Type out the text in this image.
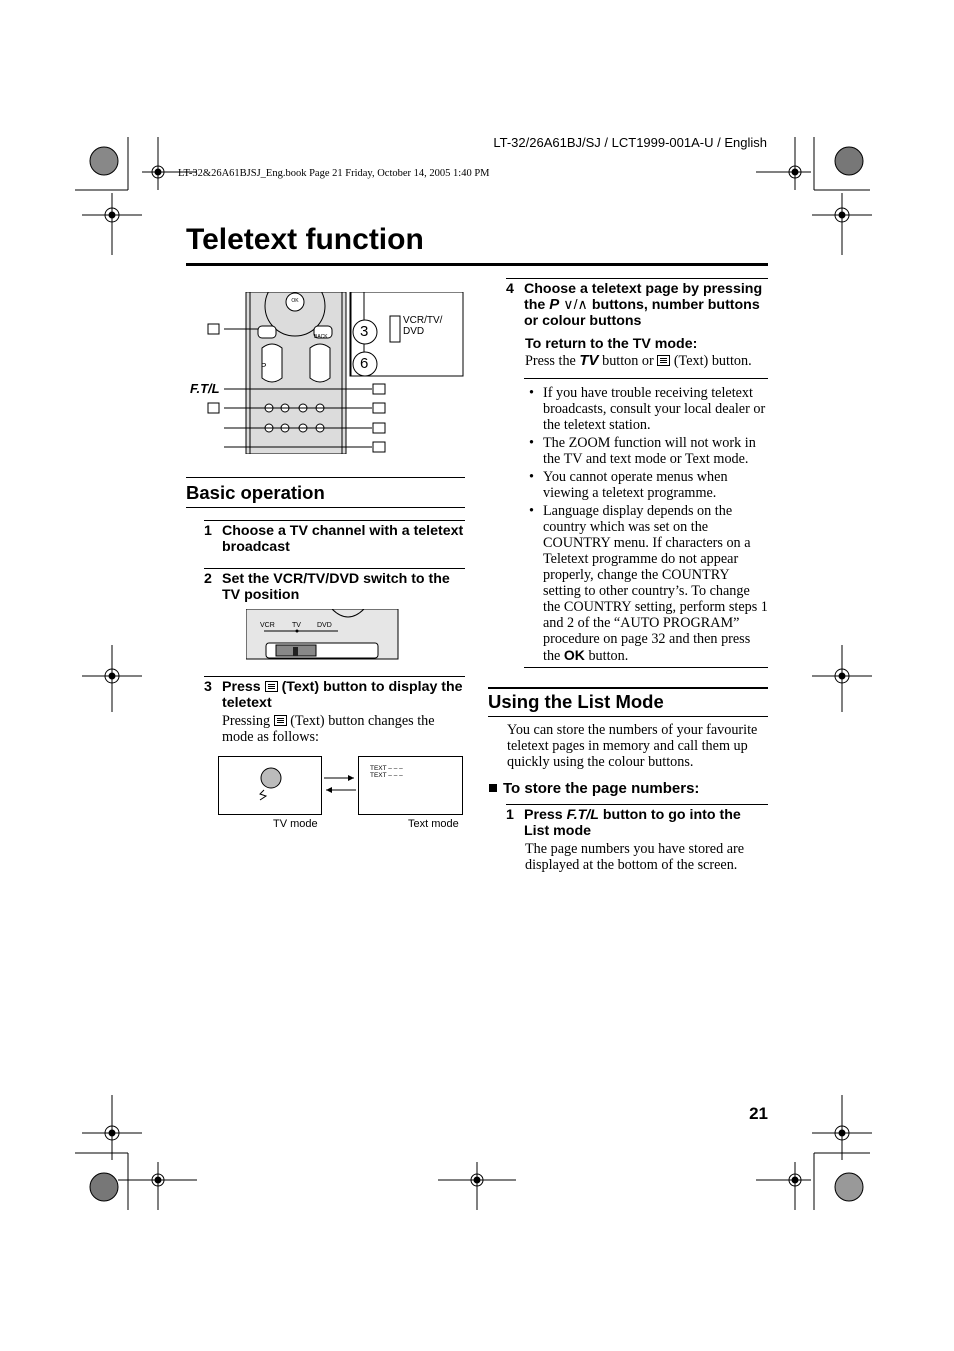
LT-32/26A61BJ/SJ / LCT1999-001A-U / English
LT-32&26A61BJSJ_Eng.book Page 21 Friday, October 14, 2005 1:40 PM
Teletext function
F.T/L
OK
BACK
P
3
6
VCR/TV/
DVD
Basic operation
1 Choose a TV channel with a teletext broadcast
2 Set the VCR/TV/DVD switch to the TV position
VCR TV DVD
3 Press (Text) button to display the teletext
Pressing (Text) button changes the mode as follows:
TEXT – – –
TEXT – – –
TV mode	Text mode
4 Choose a teletext page by pressing the P ∨/∧ buttons, number buttons or colour buttons
To return to the TV mode:
Press the TV button or (Text) button.
• If you have trouble receiving teletext broadcasts, consult your local dealer or the teletext station.
• The ZOOM function will not work in the TV and text mode or Text mode.
• You cannot operate menus when viewing a teletext programme.
• Language display depends on the country which was set on the COUNTRY menu. If characters on a Teletext programme do not appear properly, change the COUNTRY setting to other country’s. To change the COUNTRY setting, perform steps 1 and 2 of the “AUTO PROGRAM” procedure on page 32 and then press the OK button.
Using the List Mode
You can store the numbers of your favourite teletext pages in memory and call them up quickly using the colour buttons.
To store the page numbers:
1 Press F.T/L button to go into the List mode
The page numbers you have stored are displayed at the bottom of the screen.
21
